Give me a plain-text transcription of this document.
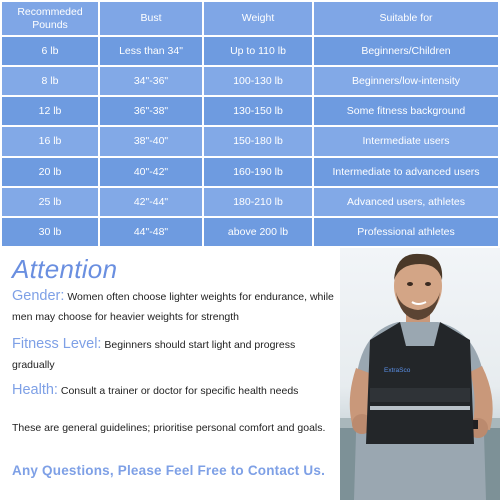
Recommeded Pounds	Bust	Weight	Suitable for
6 lb	Less than 34"	Up to 110 lb	Beginners/Children
8 lb	34"-36"	100-130 lb	Beginners/low-intensity
12 lb	36"-38"	130-150 lb	Some fitness background
16 lb	38"-40"	150-180 lb	Intermediate users
20 lb	40"-42"	160-190 lb	Intermediate to advanced users
25 lb	42"-44"	180-210 lb	Advanced users, athletes
30 lb	44"-48"	above 200 lb	Professional athletes
Attention
Gender: Women often choose lighter weights for endurance, while men may choose for heavier weights for strength
Fitness Level: Beginners should start light and progress gradually
Health: Consult a trainer or doctor for specific health needs

These are general guidelines; prioritise personal comfort and goals.

Any Questions, Please Feel Free to Contact Us.

ExtraSco
